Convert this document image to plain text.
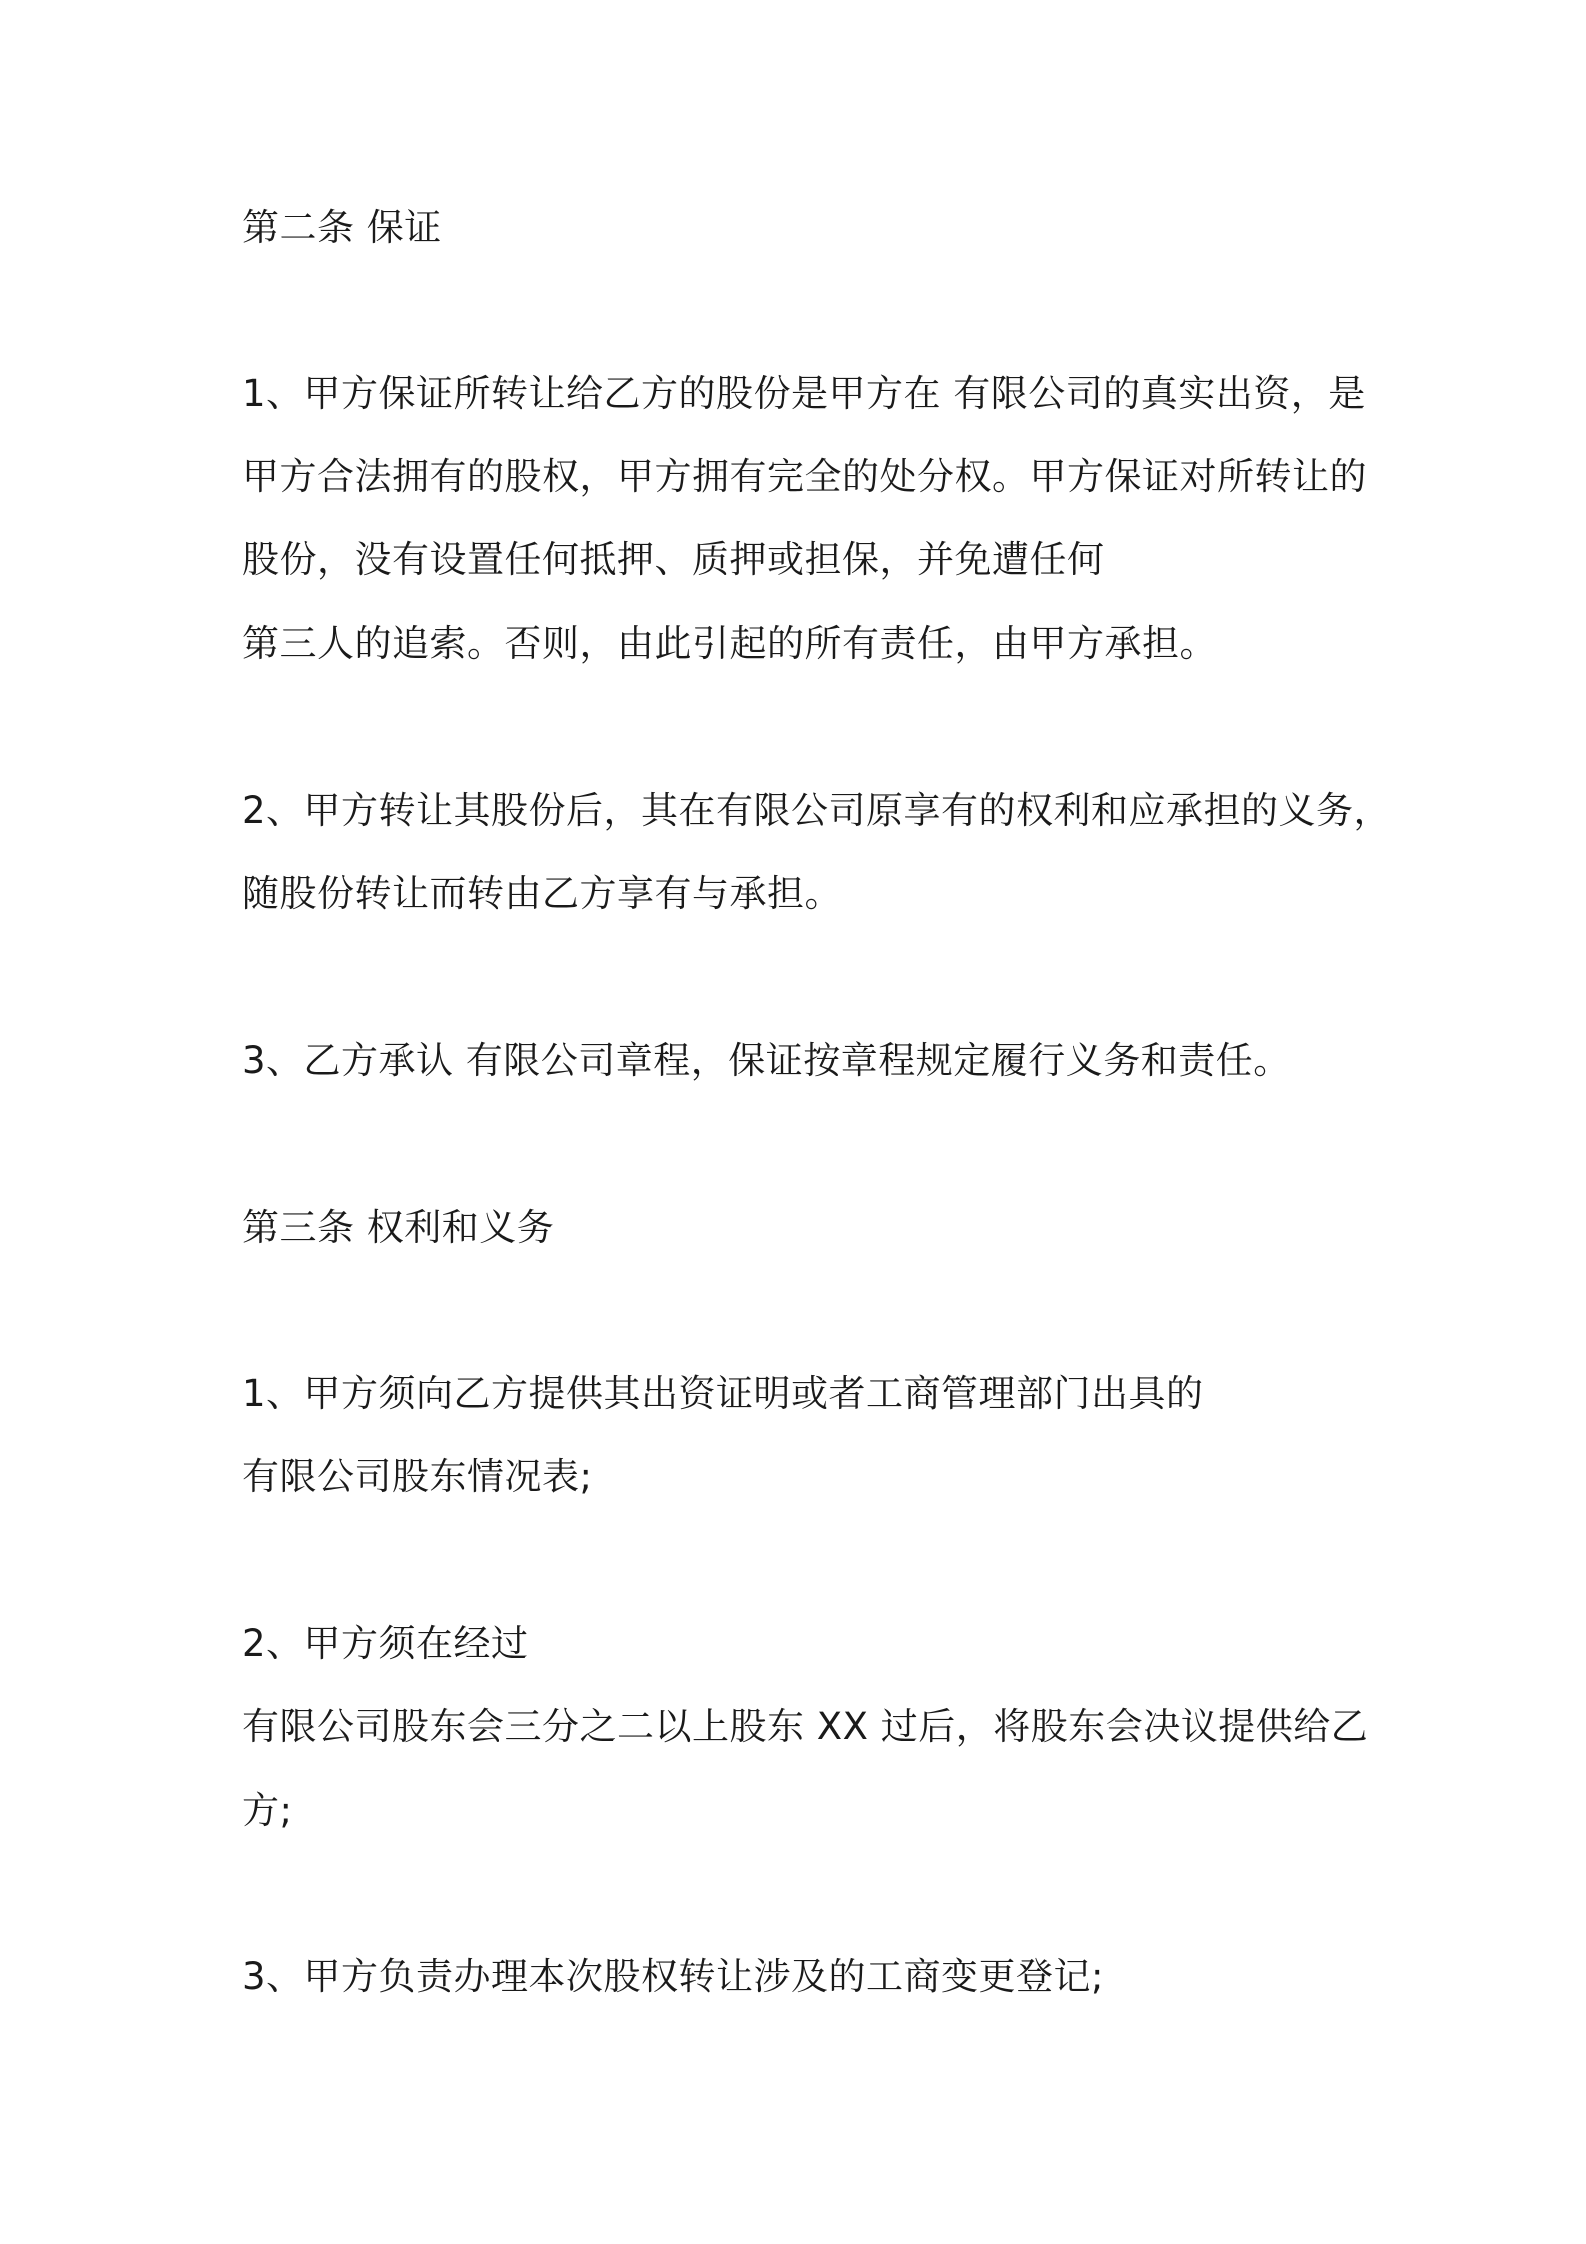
第二条 保证
1、甲方保证所转让给乙方的股份是甲方在 有限公司的真实出资，是
甲方合法拥有的股权，甲方拥有完全的处分权。甲方保证对所转让的
股份，没有设置任何抵押、质押或担保，并免遭任何
第三人的追索。否则，由此引起的所有责任，由甲方承担。
2、甲方转让其股份后，其在有限公司原享有的权利和应承担的义务，
随股份转让而转由乙方享有与承担。
3、乙方承认 有限公司章程，保证按章程规定履行义务和责任。
第三条 权利和义务
1、甲方须向乙方提供其出资证明或者工商管理部门出具的
有限公司股东情况表;
2、甲方须在经过
有限公司股东会三分之二以上股东 XX 过后，将股东会决议提供给乙
方;
3、甲方负责办理本次股权转让涉及的工商变更登记;
